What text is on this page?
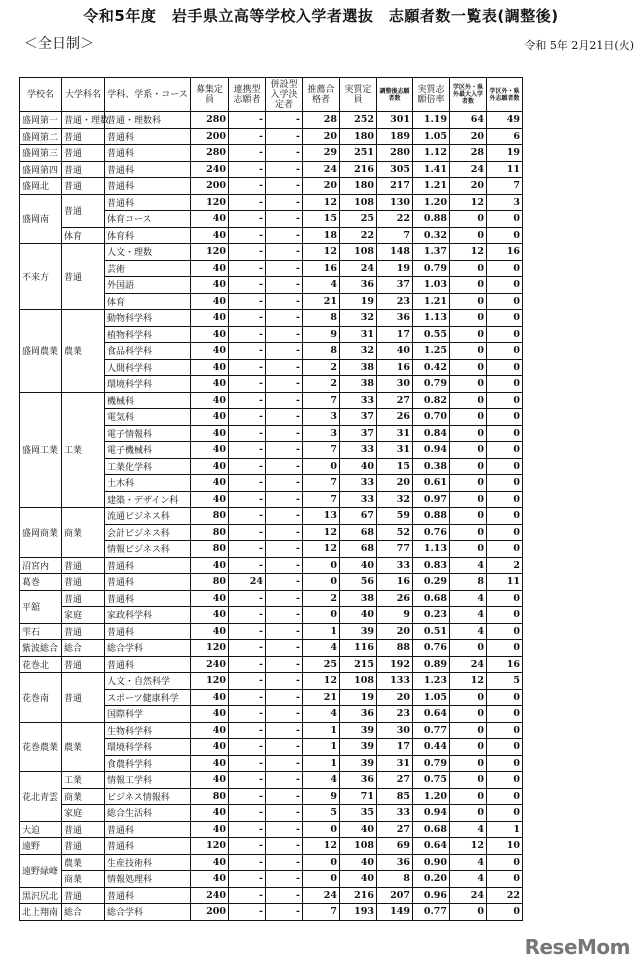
令和5年度　岩手県立高等学校入学者選抜　志願者数一覧表(調整後)
＜全日制＞	令和 5年 2月21日(火)
学校名	大学科名	学科、学系・コース	募集定員	連携型志願者	併設型入学決定者	推薦合格者	実質定員	調整後志願者数	実質志願倍率	学区外・県外最大入学者数	学区外・県外志願者数
盛岡第一	普通・理数	普通・理数科	280	-	-	28	252	301	1.19	64	49
盛岡第二	普通	普通科	200	-	-	20	180	189	1.05	20	6
盛岡第三	普通	普通科	280	-	-	29	251	280	1.12	28	19
盛岡第四	普通	普通科	240	-	-	24	216	305	1.41	24	11
盛岡北	普通	普通科	200	-	-	20	180	217	1.21	20	7
盛岡南	普通	普通科	120	-	-	12	108	130	1.20	12	3
		体育コース	40	-	-	15	25	22	0.88	0	0
	体育	体育科	40	-	-	18	22	7	0.32	0	0
不来方	普通	人文・理数	120	-	-	12	108	148	1.37	12	16
		芸術	40	-	-	16	24	19	0.79	0	0
		外国語	40	-	-	4	36	37	1.03	0	0
		体育	40	-	-	21	19	23	1.21	0	0
盛岡農業	農業	動物科学科	40	-	-	8	32	36	1.13	0	0
		植物科学科	40	-	-	9	31	17	0.55	0	0
		食品科学科	40	-	-	8	32	40	1.25	0	0
		人間科学科	40	-	-	2	38	16	0.42	0	0
		環境科学科	40	-	-	2	38	30	0.79	0	0
盛岡工業	工業	機械科	40	-	-	7	33	27	0.82	0	0
		電気科	40	-	-	3	37	26	0.70	0	0
		電子情報科	40	-	-	3	37	31	0.84	0	0
		電子機械科	40	-	-	7	33	31	0.94	0	0
		工業化学科	40	-	-	0	40	15	0.38	0	0
		土木科	40	-	-	7	33	20	0.61	0	0
		建築・デザイン科	40	-	-	7	33	32	0.97	0	0
盛岡商業	商業	流通ビジネス科	80	-	-	13	67	59	0.88	0	0
		会計ビジネス科	80	-	-	12	68	52	0.76	0	0
		情報ビジネス科	80	-	-	12	68	77	1.13	0	0
沼宮内	普通	普通科	40	-	-	0	40	33	0.83	4	2
葛巻	普通	普通科	80	24	-	0	56	16	0.29	8	11
平舘	普通	普通科	40	-	-	2	38	26	0.68	4	0
	家庭	家政科学科	40	-	-	0	40	9	0.23	4	0
雫石	普通	普通科	40	-	-	1	39	20	0.51	4	0
紫波総合	総合	総合学科	120	-	-	4	116	88	0.76	0	0
花巻北	普通	普通科	240	-	-	25	215	192	0.89	24	16
花巻南	普通	人文・自然科学	120	-	-	12	108	133	1.23	12	5
		スポーツ健康科学	40	-	-	21	19	20	1.05	0	0
		国際科学	40	-	-	4	36	23	0.64	0	0
花巻農業	農業	生物科学科	40	-	-	1	39	30	0.77	0	0
		環境科学科	40	-	-	1	39	17	0.44	0	0
		食農科学科	40	-	-	1	39	31	0.79	0	0
花北青雲	工業	情報工学科	40	-	-	4	36	27	0.75	0	0
	商業	ビジネス情報科	80	-	-	9	71	85	1.20	0	0
	家庭	総合生活科	40	-	-	5	35	33	0.94	0	0
大迫	普通	普通科	40	-	-	0	40	27	0.68	4	1
遠野	普通	普通科	120	-	-	12	108	69	0.64	12	10
遠野緑峰	農業	生産技術科	40	-	-	0	40	36	0.90	4	0
	商業	情報処理科	40	-	-	0	40	8	0.20	4	0
黒沢尻北	普通	普通科	240	-	-	24	216	207	0.96	24	22
北上翔南	総合	総合学科	200	-	-	7	193	149	0.77	0	0
ReseMom
